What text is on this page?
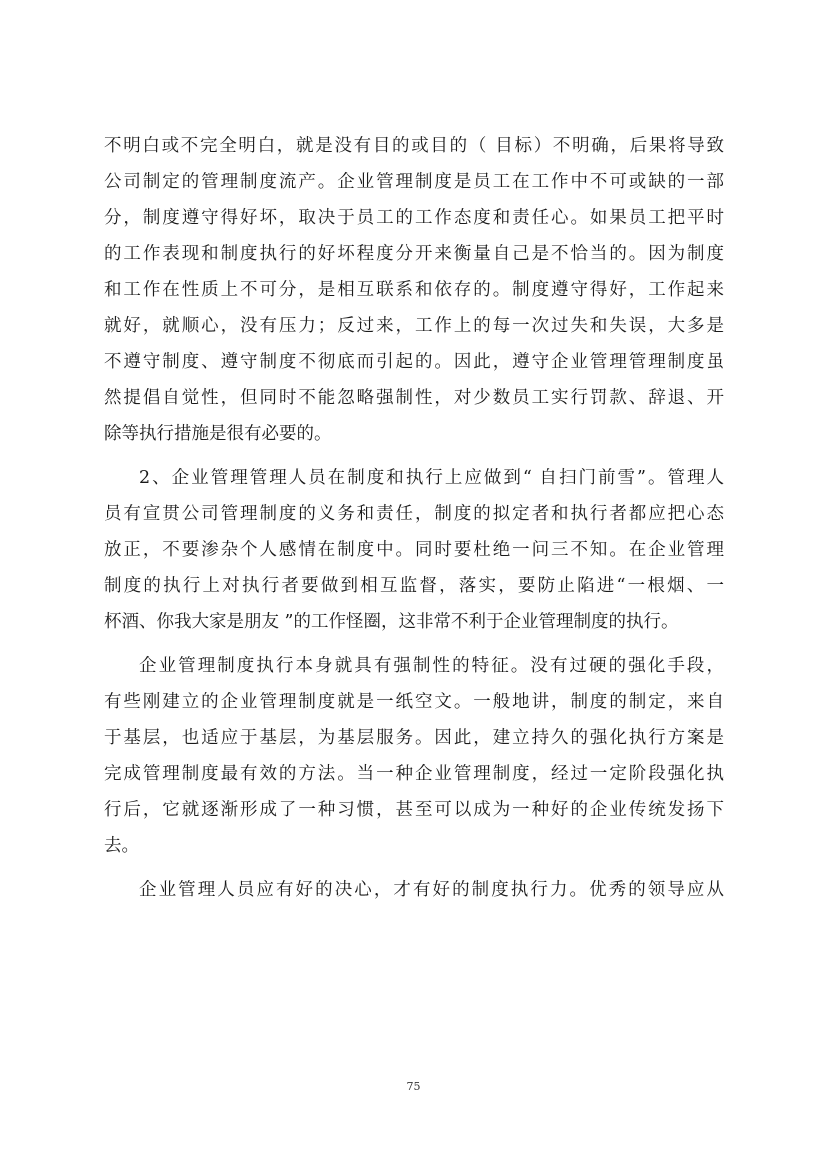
不明白或不完全明白，就是没有目的或目的（ 目标）不明确，后果将导致
公司制定的管理制度流产。企业管理制度是员工在工作中不可或缺的一部
分，制度遵守得好坏，取决于员工的工作态度和责任心。如果员工把平时
的工作表现和制度执行的好坏程度分开来衡量自己是不恰当的。因为制度
和工作在性质上不可分，是相互联系和依存的。制度遵守得好，工作起来
就好，就顺心，没有压力；反过来，工作上的每一次过失和失误，大多是
不遵守制度、遵守制度不彻底而引起的。因此，遵守企业管理管理制度虽
然提倡自觉性，但同时不能忽略强制性，对少数员工实行罚款、辞退、开
除等执行措施是很有必要的。
2、企业管理管理人员在制度和执行上应做到“ 自扫门前雪”。管理人
员有宣贯公司管理制度的义务和责任，制度的拟定者和执行者都应把心态
放正，不要渗杂个人感情在制度中。同时要杜绝一问三不知。在企业管理
制度的执行上对执行者要做到相互监督，落实，要防止陷进“一根烟、一
杯酒、你我大家是朋友 ”的工作怪圈，这非常不利于企业管理制度的执行。
企业管理制度执行本身就具有强制性的特征。没有过硬的强化手段，
有些刚建立的企业管理制度就是一纸空文。一般地讲，制度的制定，来自
于基层，也适应于基层，为基层服务。因此，建立持久的强化执行方案是
完成管理制度最有效的方法。当一种企业管理制度，经过一定阶段强化执
行后，它就逐渐形成了一种习惯，甚至可以成为一种好的企业传统发扬下
去。
企业管理人员应有好的决心，才有好的制度执行力。优秀的领导应从
75
